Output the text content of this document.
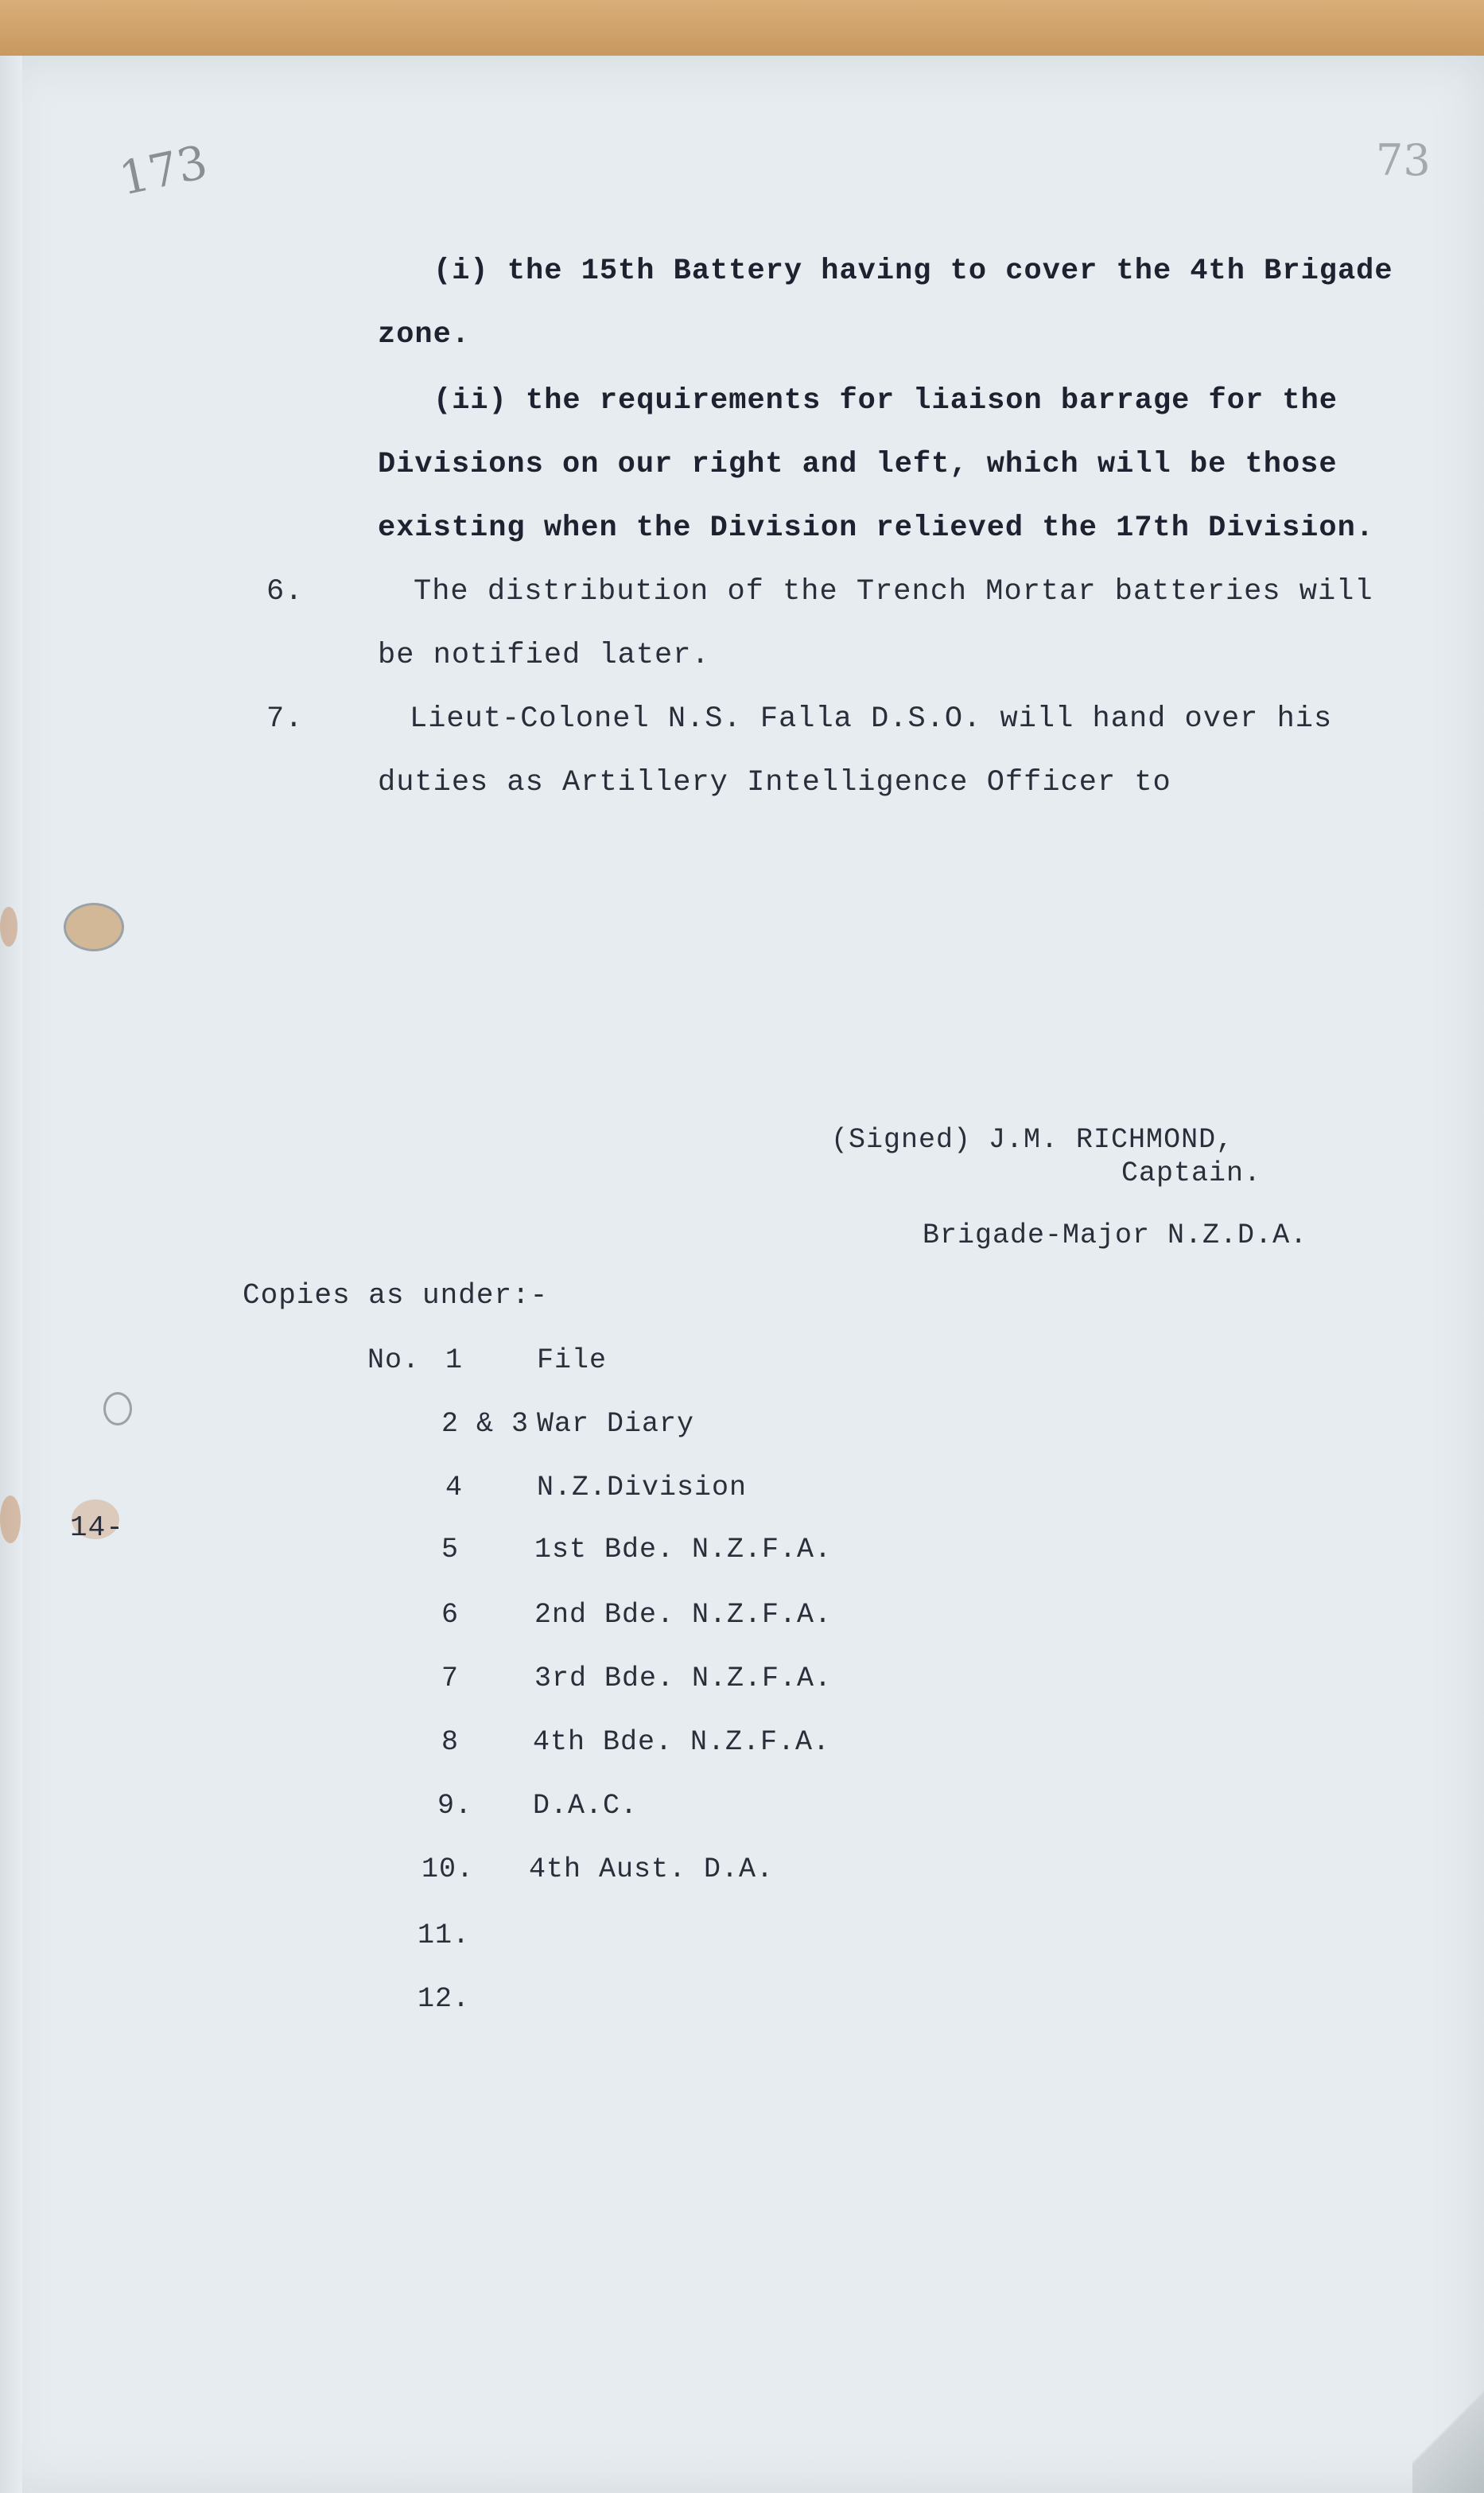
173	73
14-
(i) the 15th Battery having to cover the 4th Brigade
zone.
(ii) the requirements for liaison barrage for the
Divisions on our right and left, which will be those
existing when the Division relieved the 17th Division.
6.	The distribution of the Trench Mortar batteries will
be notified later.
7.	Lieut-Colonel N.S. Falla D.S.O. will hand over his
duties as Artillery Intelligence Officer to
(Signed) J.M. RICHMOND,
Captain.
Brigade-Major N.Z.D.A.
Copies as under:-
No. 1	File
2 & 3 War Diary
4	N.Z.Division
5	1st Bde. N.Z.F.A.
6	2nd Bde. N.Z.F.A.
7	3rd Bde. N.Z.F.A.
8	4th Bde. N.Z.F.A.
9. D.A.C.
10. 4th Aust. D.A.
11.
12.
